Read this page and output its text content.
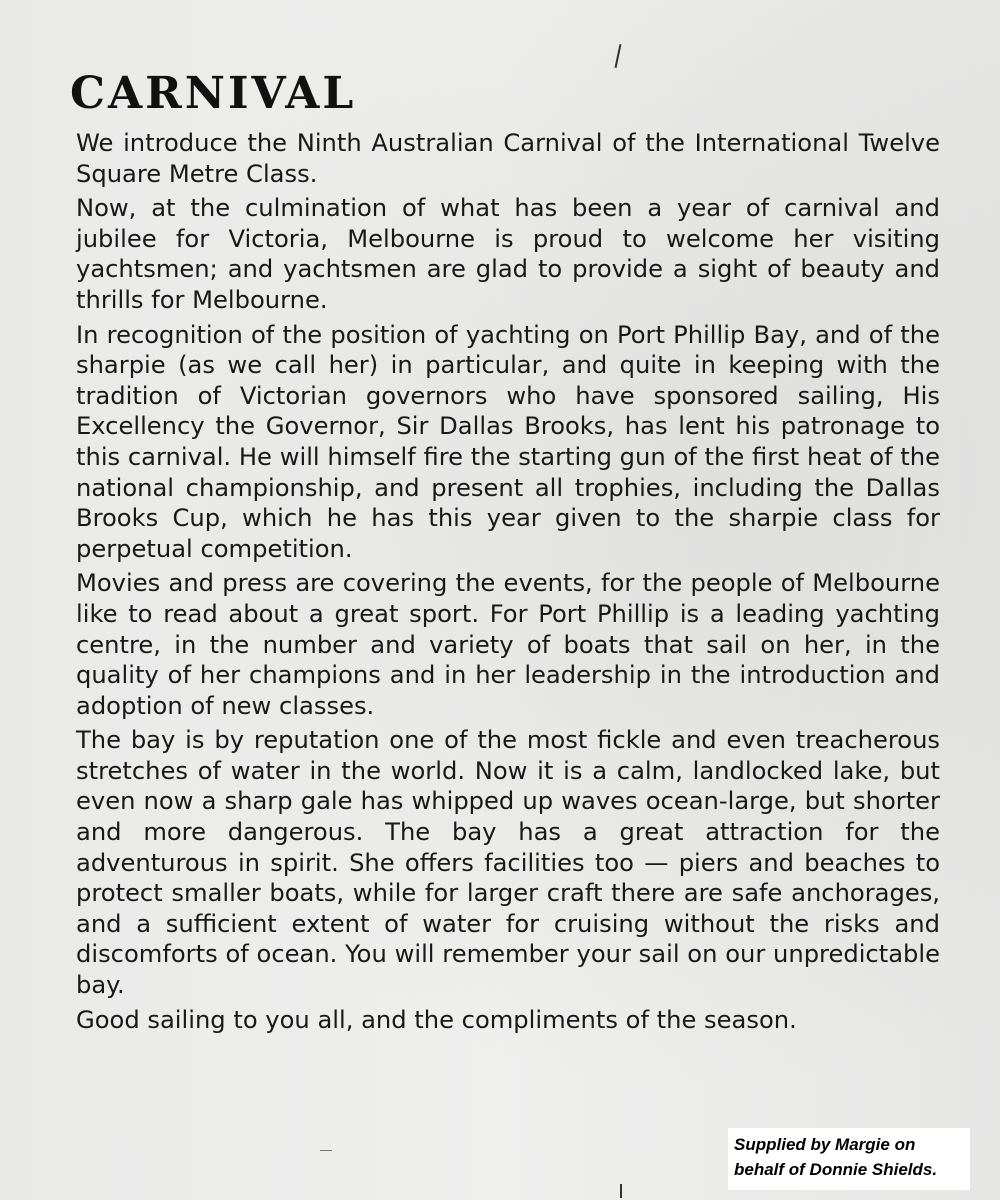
CARNIVAL

We introduce the Ninth Australian Carnival of the International Twelve Square Metre Class.

Now, at the culmination of what has been a year of carnival and jubilee for Victoria, Melbourne is proud to welcome her visiting yachtsmen; and yachtsmen are glad to provide a sight of beauty and thrills for Melbourne.

In recognition of the position of yachting on Port Phillip Bay, and of the sharpie (as we call her) in particular, and quite in keeping with the tradition of Victorian governors who have sponsored sailing, His Excellency the Governor, Sir Dallas Brooks, has lent his patronage to this carnival. He will himself fire the starting gun of the first heat of the national championship, and present all trophies, including the Dallas Brooks Cup, which he has this year given to the sharpie class for perpetual competition.

Movies and press are covering the events, for the people of Melbourne like to read about a great sport. For Port Phillip is a leading yachting centre, in the number and variety of boats that sail on her, in the quality of her champions and in her leadership in the introduction and adoption of new classes.

The bay is by reputation one of the most fickle and even treacherous stretches of water in the world. Now it is a calm, landlocked lake, but even now a sharp gale has whipped up waves ocean-large, but shorter and more dangerous. The bay has a great attraction for the adventurous in spirit. She offers facilities too — piers and beaches to protect smaller boats, while for larger craft there are safe anchorages, and a sufficient extent of water for cruising without the risks and discomforts of ocean. You will remember your sail on our unpredictable bay.

Good sailing to you all, and the compliments of the season.

Supplied by Margie on
behalf of Donnie Shields.
